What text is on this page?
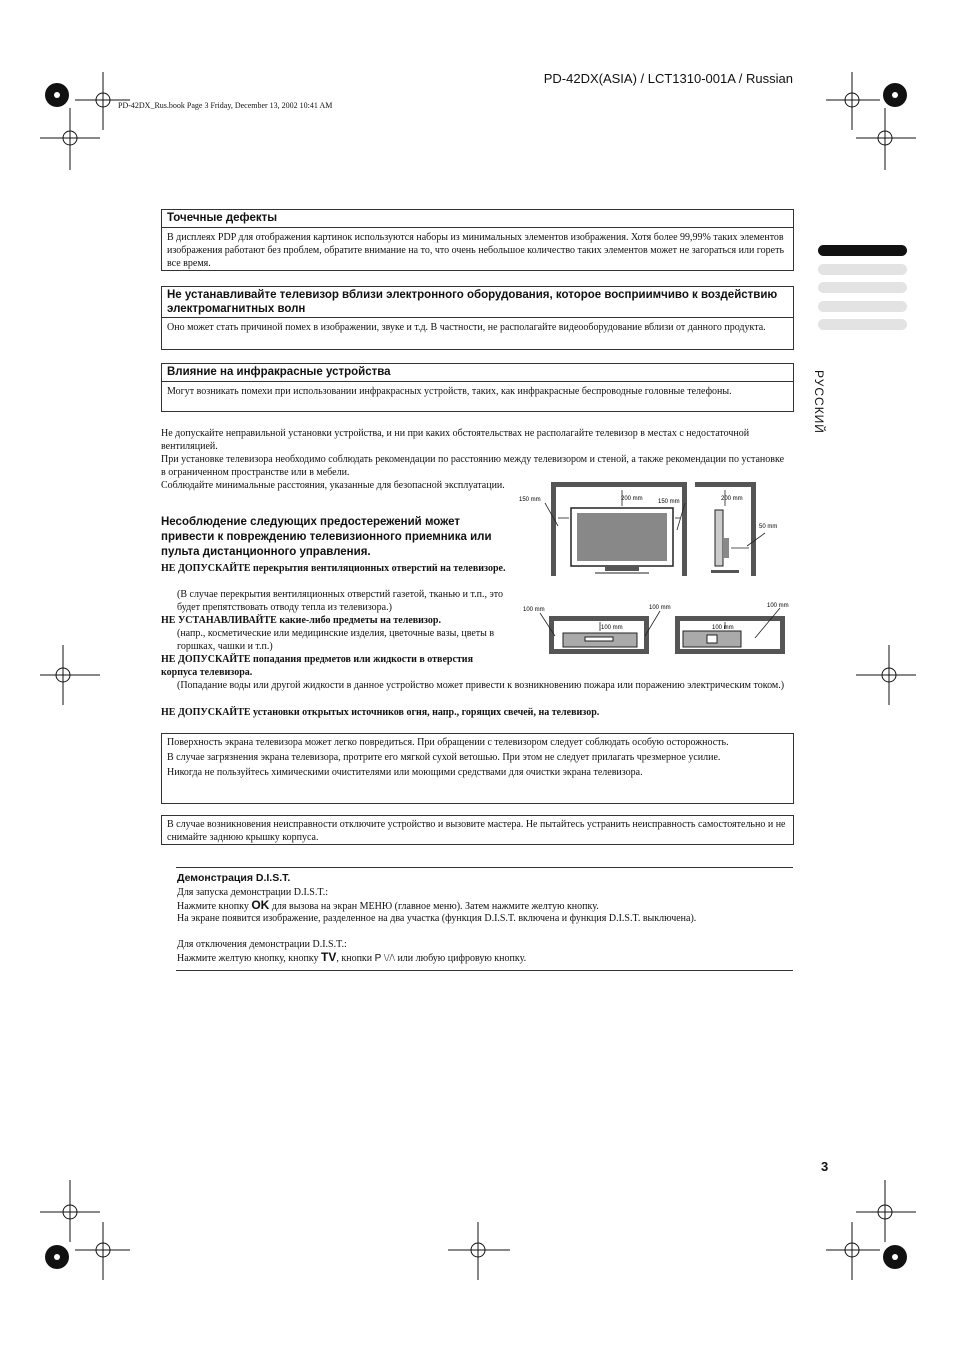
PD-42DX(ASIA) / LCT1310-001A / Russian
PD-42DX_Rus.book Page 3 Friday, December 13, 2002 10:41 AM
РУССКИЙ
Точечные дефекты
В дисплеях PDP для отображения картинок используются наборы из минимальных элементов изображения. Хотя более 99,99% таких элементов изображения работают без проблем, обратите внимание на то, что очень небольшое количество таких элементов может не загораться или гореть все время.
Не устанавливайте телевизор вблизи электронного оборудования, которое восприимчиво к воздействию электромагнитных волн
Оно может стать причиной помех в изображении, звуке и т.д. В частности, не располагайте видеооборудование вблизи от данного продукта.
Влияние на инфракрасные устройства
Могут возникать помехи при использовании инфракрасных устройств, таких, как инфракрасные беспроводные головные телефоны.
Не допускайте неправильной установки устройства, и ни при каких обстоятельствах не располагайте телевизор в местах с недостаточной вентиляцией.
При установке телевизора необходимо соблюдать рекомендации по расстоянию между телевизором и стеной, а также рекомендации по установке в ограниченном пространстве или в мебели.
Соблюдайте минимальные расстояния, указанные для безопасной эксплуатации.
Несоблюдение следующих предостережений может привести к повреждению телевизионного приемника или пульта дистанционного управления.
НЕ ДОПУСКАЙТЕ перекрытия вентиляционных отверстий на телевизоре.
(В случае перекрытия вентиляционных отверстий газетой, тканью и т.п., это будет препятствовать отводу тепла из телевизора.)
НЕ УСТАНАВЛИВАЙТЕ какие-либо предметы на телевизор.
(напр., косметические или медицинские изделия, цветочные вазы, цветы в горшках, чашки и т.п.)
НЕ ДОПУСКАЙТЕ попадания предметов или жидкости в отверстия корпуса телевизора.
(Попадание воды или другой жидкости в данное устройство может привести к возникновению пожара или поражению электрическим током.)
НЕ ДОПУСКАЙТЕ установки открытых источников огня, напр., горящих свечей, на телевизор.
150 mm	200 mm	150 mm	200 mm
50 mm
100 mm	100 mm
100 mm	100 mm
100 mm
Поверхность экрана телевизора может легко повредиться. При обращении с телевизором следует соблюдать особую осторожность.
В случае загрязнения экрана телевизора, протрите его мягкой сухой ветошью. При этом не следует прилагать чрезмерное усилие.
Никогда не пользуйтесь химическими очистителями или моющими средствами для очистки экрана телевизора.
В случае возникновения неисправности отключите устройство и вызовите мастера. Не пытайтесь устранить неисправность самостоятельно и не снимайте заднюю крышку корпуса.
Демонстрация D.I.S.T.
Для запуска демонстрации D.I.S.T.:
Нажмите кнопку OK для вызова на экран МЕНЮ (главное меню). Затем нажмите желтую кнопку.
На экране появится изображение, разделенное на два участка (функция D.I.S.T. включена и функция D.I.S.T. выключена).
Для отключения демонстрации D.I.S.T.:
Нажмите желтую кнопку, кнопку TV, кнопки P \//\ или любую цифровую кнопку.
3
